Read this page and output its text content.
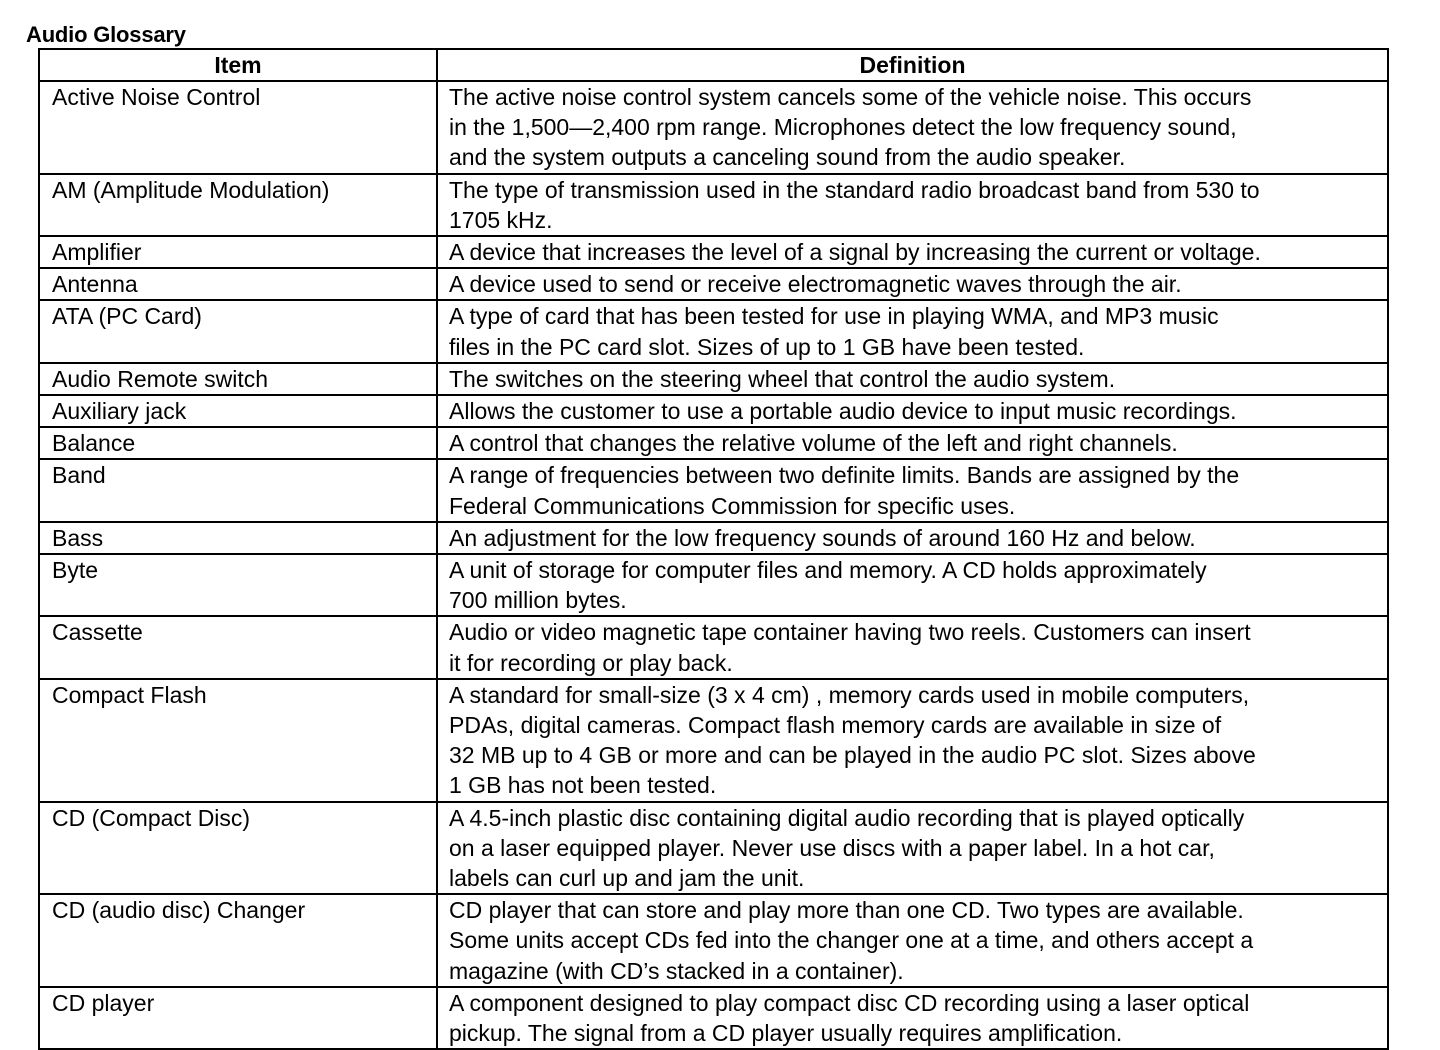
Audio Glossary
Item	Definition
Active Noise Control	The active noise control system cancels some of the vehicle noise. This occurs
in the 1,500—2,400 rpm range. Microphones detect the low frequency sound,
and the system outputs a canceling sound from the audio speaker.
AM (Amplitude Modulation)	The type of transmission used in the standard radio broadcast band from 530 to
1705 kHz.
Amplifier	A device that increases the level of a signal by increasing the current or voltage.
Antenna	A device used to send or receive electromagnetic waves through the air.
ATA (PC Card)	A type of card that has been tested for use in playing WMA, and MP3 music
files in the PC card slot. Sizes of up to 1 GB have been tested.
Audio Remote switch	The switches on the steering wheel that control the audio system.
Auxiliary jack	Allows the customer to use a portable audio device to input music recordings.
Balance	A control that changes the relative volume of the left and right channels.
Band	A range of frequencies between two definite limits. Bands are assigned by the
Federal Communications Commission for specific uses.
Bass	An adjustment for the low frequency sounds of around 160 Hz and below.
Byte	A unit of storage for computer files and memory. A CD holds approximately
700 million bytes.
Cassette	Audio or video magnetic tape container having two reels. Customers can insert
it for recording or play back.
Compact Flash	A standard for small-size (3 x 4 cm) , memory cards used in mobile computers,
PDAs, digital cameras. Compact flash memory cards are available in size of
32 MB up to 4 GB or more and can be played in the audio PC slot. Sizes above
1 GB has not been tested.
CD (Compact Disc)	A 4.5-inch plastic disc containing digital audio recording that is played optically
on a laser equipped player. Never use discs with a paper label. In a hot car,
labels can curl up and jam the unit.
CD (audio disc) Changer	CD player that can store and play more than one CD. Two types are available.
Some units accept CDs fed into the changer one at a time, and others accept a
magazine (with CD’s stacked in a container).
CD player	A component designed to play compact disc CD recording using a laser optical
pickup. The signal from a CD player usually requires amplification.
